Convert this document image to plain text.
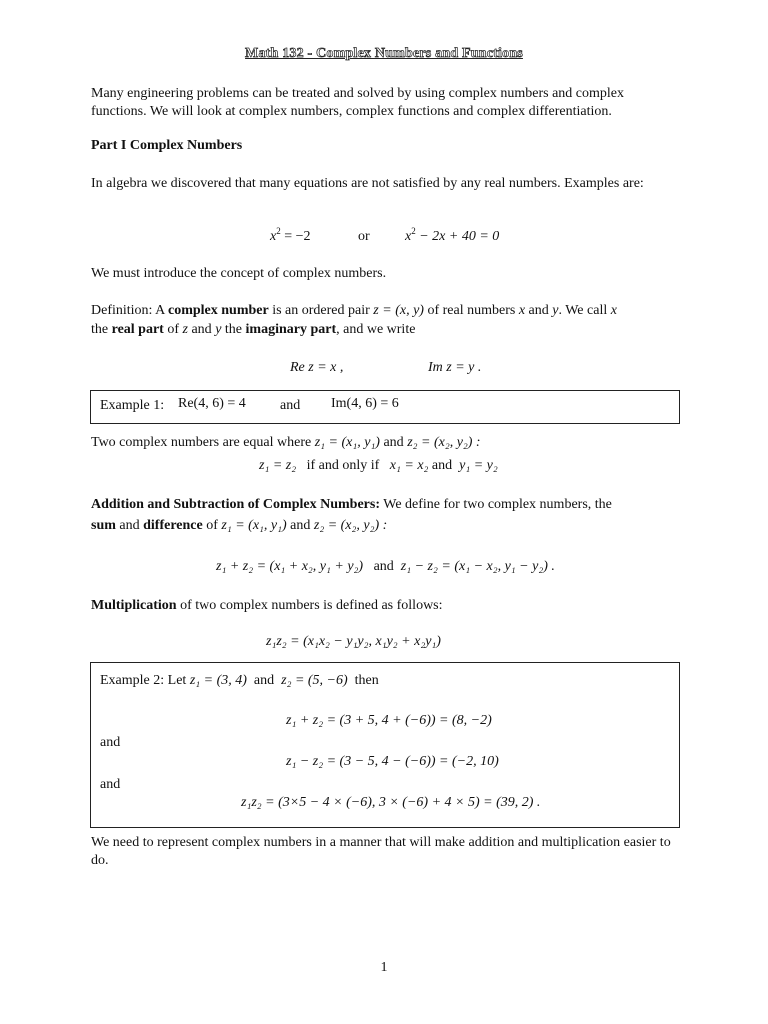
Math 132 - Complex Numbers and Functions
Many engineering problems can be treated and solved by using complex numbers and complex functions. We will look at complex numbers, complex functions and complex differentiation.
Part I Complex Numbers
In algebra we discovered that many equations are not satisfied by any real numbers. Examples are:
$x^2 = -2$	or	$x^2 - 2x + 40 = 0$
We must introduce the concept of complex numbers.
Definition: A complex number is an ordered pair z = (x, y) of real numbers x and y. We call x
the real part of z and y the imaginary part, and we write
Re z = x ,	Im z = y .
Example 1: Re(4, 6) = 4 and Im(4, 6) = 6
Two complex numbers are equal where z₁ = (x₁, y₁) and z₂ = (x₂, y₂) :
z₁ = z₂ if and only if x₁ = x₂ and y₁ = y₂
Addition and Subtraction of Complex Numbers: We define for two complex numbers, the
sum and difference of z₁ = (x₁, y₁) and z₂ = (x₂, y₂) :
z₁ + z₂ = (x₁ + x₂, y₁ + y₂) and z₁ − z₂ = (x₁ − x₂, y₁ − y₂) .
Multiplication of two complex numbers is defined as follows:
z₁z₂ = (x₁x₂ − y₁y₂, x₁y₂ + x₂y₁)
Example 2: Let z₁ = (3, 4) and z₂ = (5, −6) then
z₁ + z₂ = (3 + 5, 4 + (−6)) = (8, −2)
and
z₁ − z₂ = (3 − 5, 4 − (−6)) = (−2, 10)
and
z₁z₂ = (3×5 − 4 × (−6), 3 × (−6) + 4 × 5) = (39, 2) .
We need to represent complex numbers in a manner that will make addition and multiplication easier to do.
1
